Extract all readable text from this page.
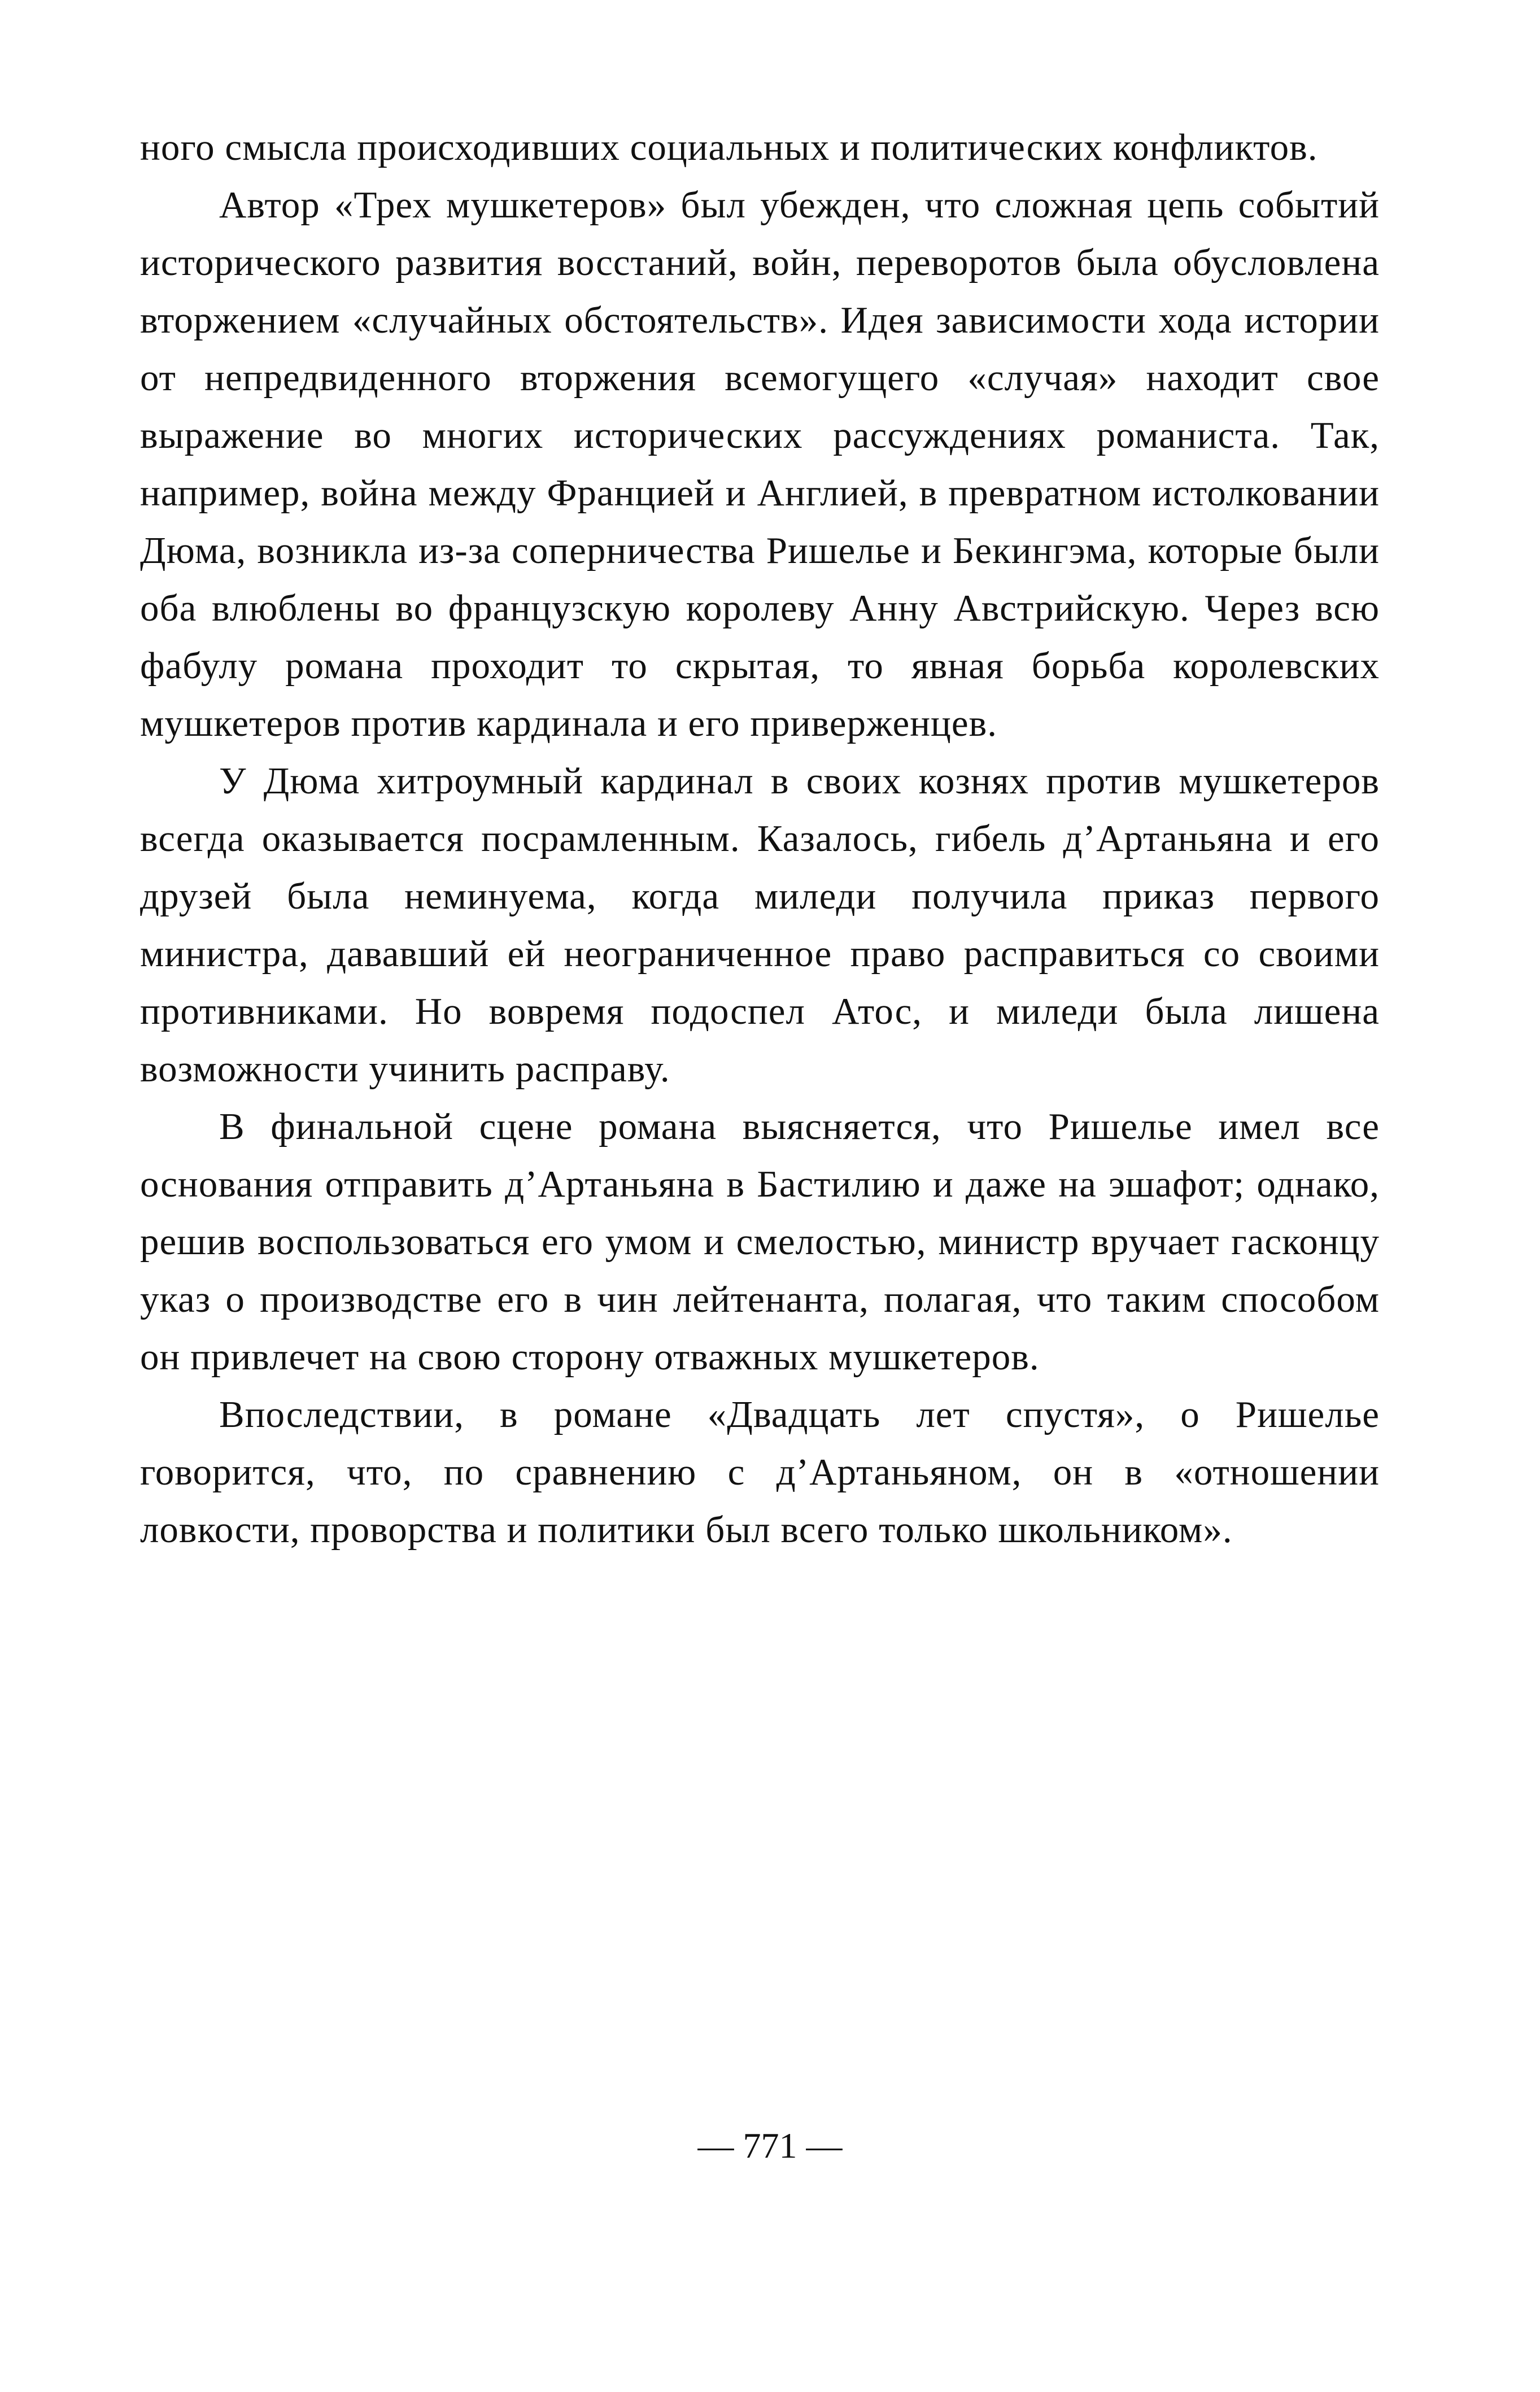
ного смысла происходивших социальных и политических конфликтов.

Автор «Трех мушкетеров» был убежден, что сложная цепь событий исторического развития восстаний, войн, переворотов была обусловлена вторжением «случайных обстоятельств». Идея зависимости хода истории от непредвиденного вторжения всемогущего «случая» находит свое выражение во многих исторических рассуждениях романиста. Так, например, война между Францией и Англией, в превратном истолковании Дюма, возникла из-за соперничества Ришелье и Бекингэма, которые были оба влюблены во французскую королеву Анну Австрийскую. Через всю фабулу романа проходит то скрытая, то явная борьба королевских мушкетеров против кардинала и его приверженцев.

У Дюма хитроумный кардинал в своих кознях против мушкетеров всегда оказывается посрамленным. Казалось, гибель д’Артаньяна и его друзей была неминуема, когда миледи получила приказ первого министра, дававший ей неограниченное право расправиться со своими противниками. Но вовремя подоспел Атос, и миледи была лишена возможности учинить расправу.

В финальной сцене романа выясняется, что Ришелье имел все основания отправить д’Артаньяна в Бастилию и даже на эшафот; однако, решив воспользоваться его умом и смелостью, министр вручает гасконцу указ о производстве его в чин лейтенанта, полагая, что таким способом он привлечет на свою сторону отважных мушкетеров.

Впоследствии, в романе «Двадцать лет спустя», о Ришелье говорится, что, по сравнению с д’Артаньяном, он в «отношении ловкости, проворства и политики был всего только школьником».

— 771 —
